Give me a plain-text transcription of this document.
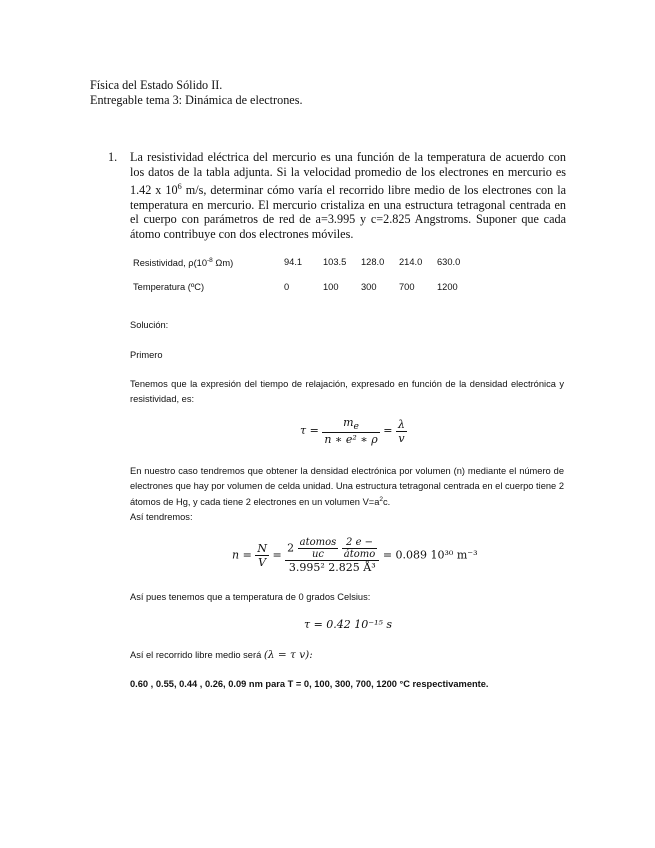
Física del Estado Sólido II.
Entregable tema 3: Dinámica de electrones.
1. La resistividad eléctrica del mercurio es una función de la temperatura de acuerdo con los datos de la tabla adjunta. Si la velocidad promedio de los electrones en mercurio es 1.42 x $10^6$ m/s, determinar cómo varía el recorrido libre medio de los electrones con la temperatura en mercurio. El mercurio cristaliza en una estructura tetragonal centrada en el cuerpo con parámetros de red de a=3.995 y c=2.825 Angstroms. Suponer que cada átomo contribuye con dos electrones móviles.
Resistividad, $\rho(10^{-8}$ Ωm)	94.1 103.5 128.0 214.0 630.0
Temperatura (ºC)	0	100 300 700 1200
Solución:
Primero
Tenemos que la expresión del tiempo de relajación, expresado en función de la densidad electrónica y resistividad, es:
$\tau = \frac{m_e}{\text{n ∗ e² ∗ ρ}} = \frac{\lambda}{v}$
En nuestro caso tendremos que obtener la densidad electrónica por volumen (n) mediante el número de electrones que hay por volumen de celda unidad. Una estructura tetragonal centrada en el cuerpo tiene 2 átomos de Hg, y cada tiene 2 electrones en un volumen $V=a^2c$.
Así tendremos:
$n = \frac{N}{V}$ =
$2 \frac{\text{atomos}}{uc}$
$\frac{2 e -}{\text{átomo}}$
3.995² 2.825 Å³
= 0.089 10³⁰ m⁻³
Así pues tenemos que a temperatura de 0 grados Celsius:
τ = 0.42 10⁻¹⁵ s
Así el recorrido libre medio será (λ = τ v):
0.60 , 0.55, 0.44 , 0.26, 0.09 nm para T = 0, 100, 300, 700, 1200 °C respectivamente.
